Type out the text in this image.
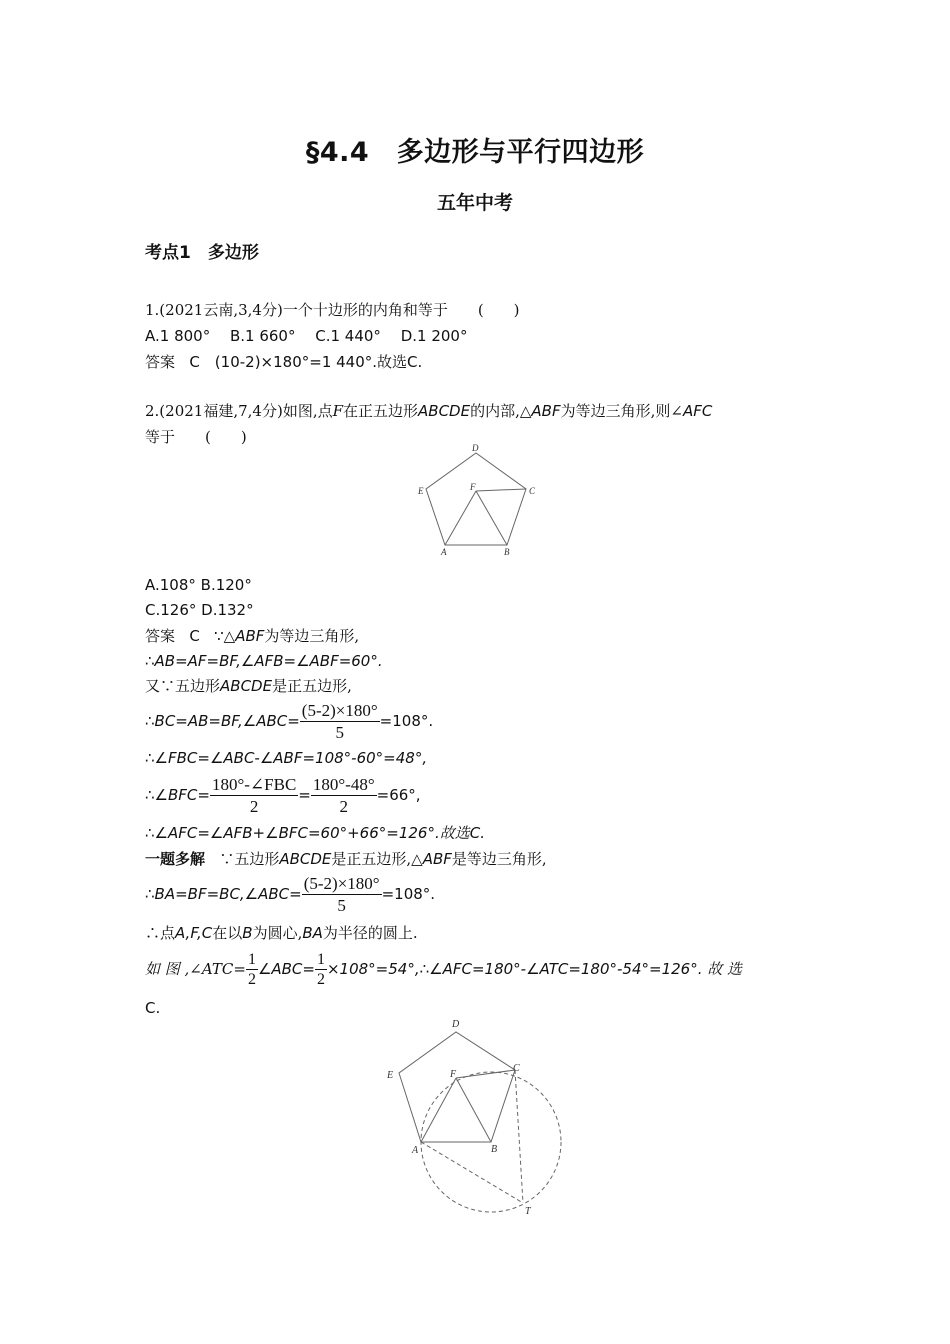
§4.4　多边形与平行四边形
五年中考
考点1　多边形
1.(2021云南,3,4分)一个十边形的内角和等于　　(　　)
A.1 800°　 B.1 660°　 C.1 440°　 D.1 200°
答案 C　(10-2)×180°=1 440°.故选C.
2.(2021福建,7,4分)如图,点F在正五边形ABCDE的内部,△ABF为等边三角形,则∠AFC
等于　　(　　)
D
E	F	C
A	B
A.108° B.120°
C.126° D.132°
答案 C ∵△ABF为等边三角形,
∴AB=AF=BF,∠AFB=∠ABF=60°.
又∵五边形ABCDE是正五边形,
∴BC=AB=BF,∠ABC= $\frac{(5-2)\times 180^\circ}{5} =108^\circ$.
∴∠FBC=∠ABC-∠ABF=108°-60°=48°,
∴∠BFC= $\frac{\text{180°-∠FBC}}{2} = \frac{180^\circ-48^\circ}{2} =66^\circ$,
∴∠AFC=∠AFB+∠BFC=60°+66°=126°.故选C.
一题多解 ∵五边形ABCDE是正五边形,△ABF是等边三角形,
∴BA=BF=BC,∠ABC= $\frac{(5-2)\times 180^\circ}{5} =108^\circ$.
∴点A,F,C在以B为圆心,BA为半径的圆上.
如 图 ,∠ATC= $\frac{1}{2}$ ∠ABC= $\frac{1}{2}$ ×108°=54°,∴∠AFC=180°-∠ATC=180°-54°=126°. 故 选
C.
D
E	F
C
A	B
T
